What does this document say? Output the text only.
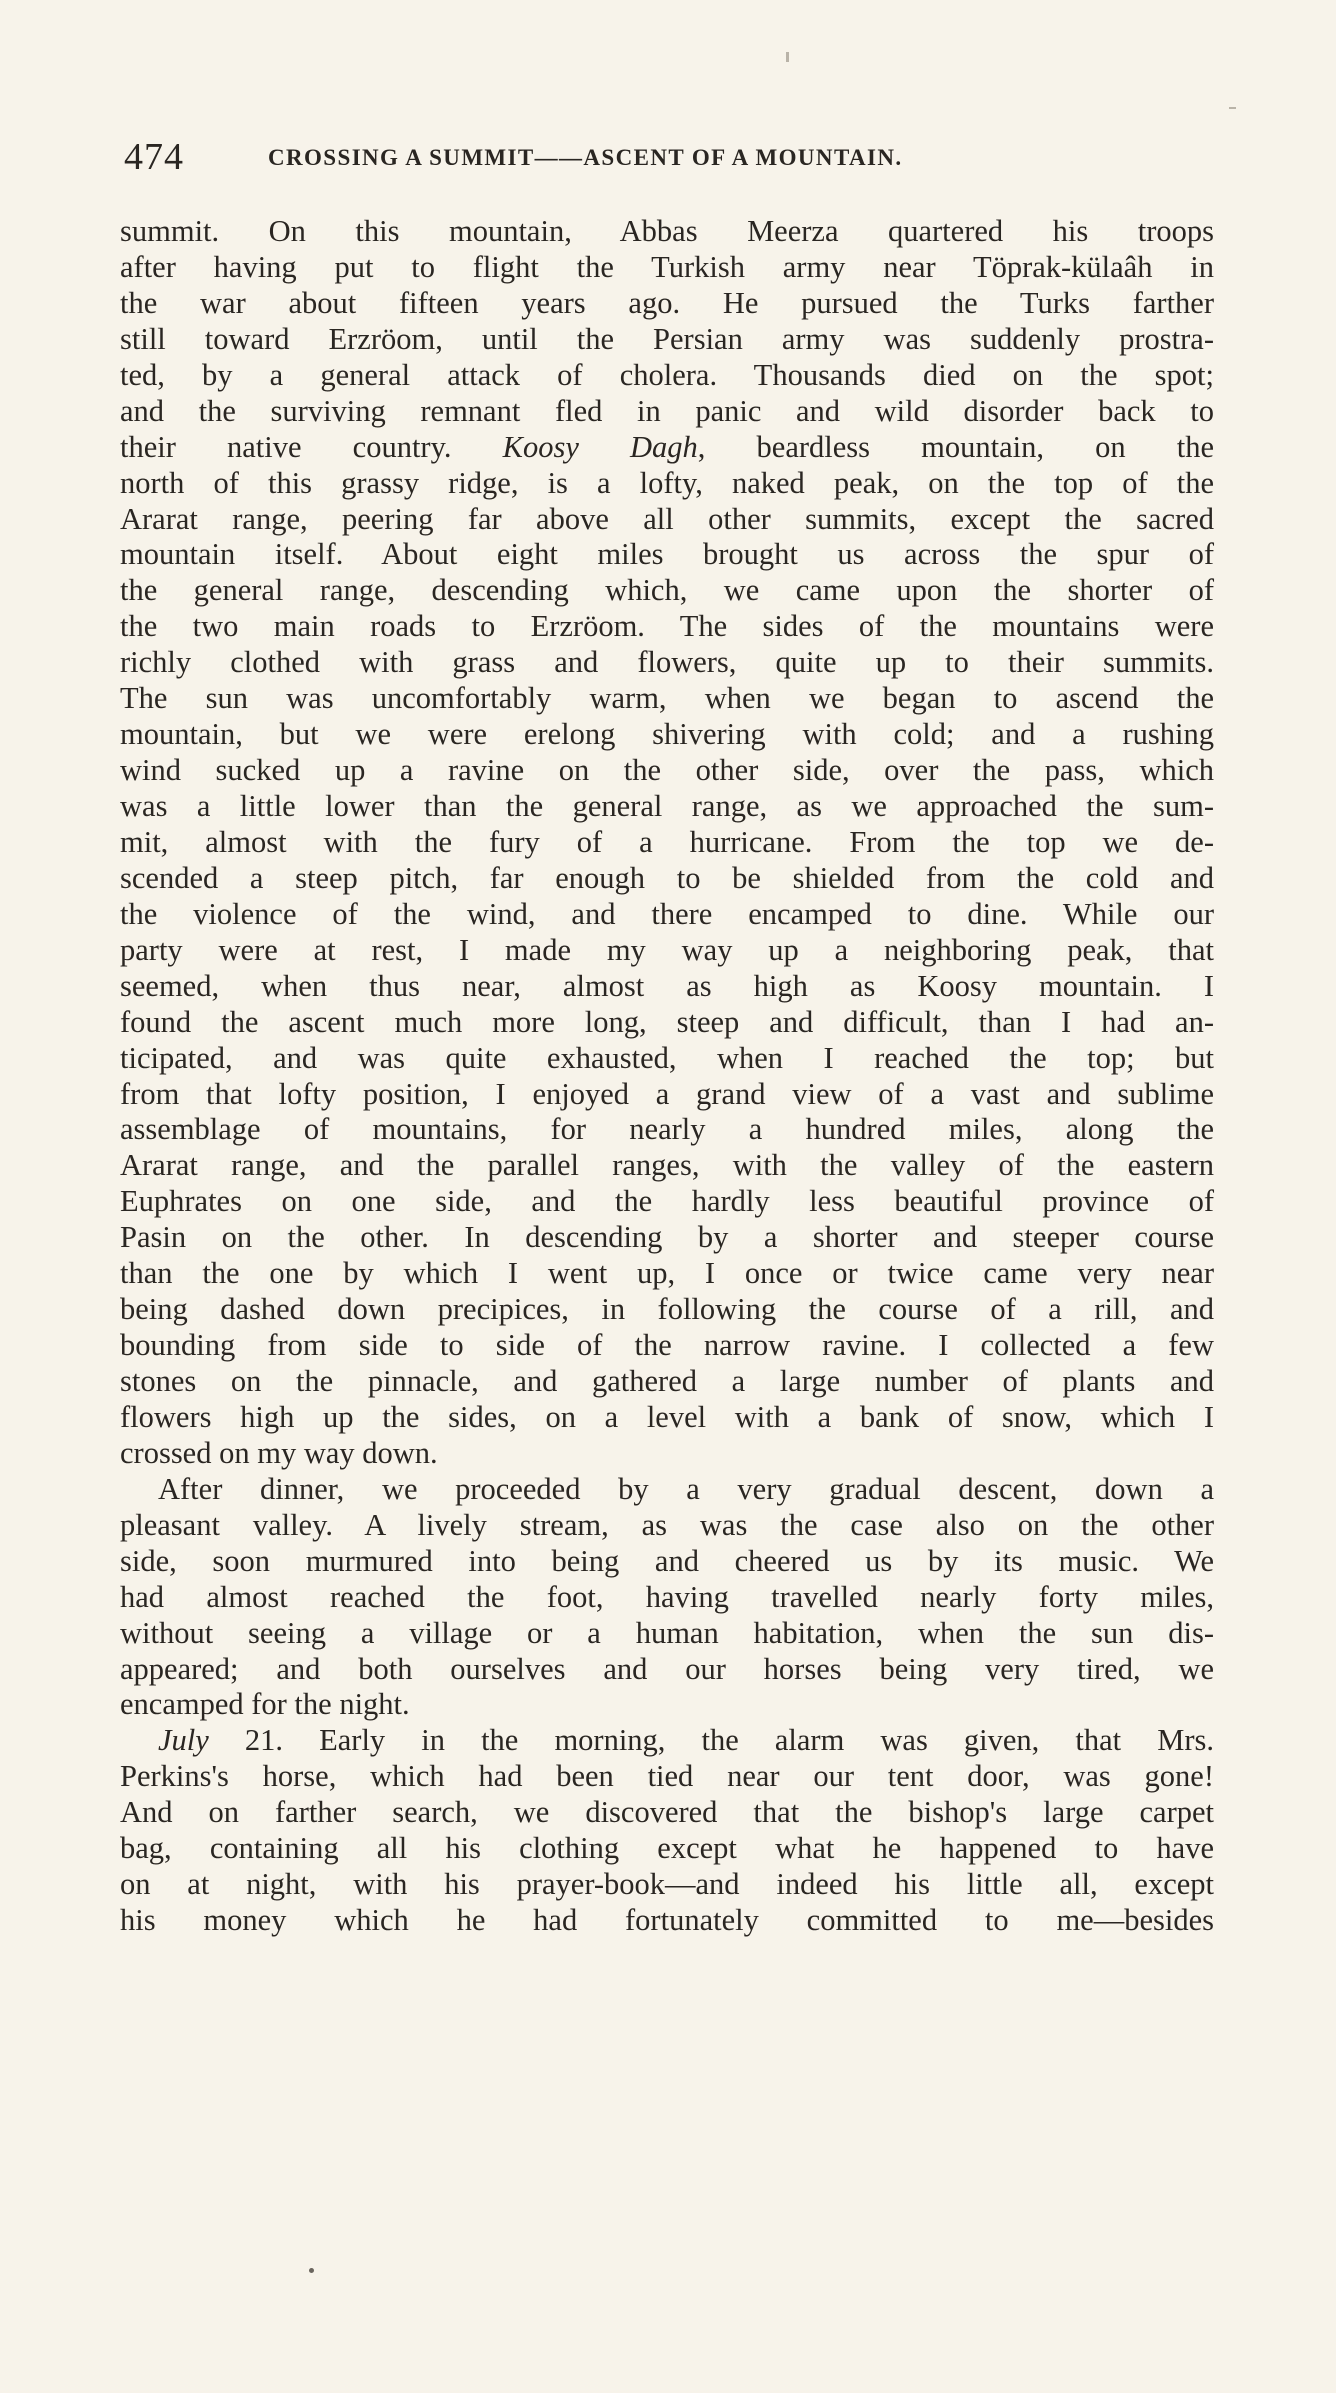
474	CROSSING A SUMMIT——ASCENT OF A MOUNTAIN.
summit. On this mountain, Abbas Meerza quartered his troops
after having put to flight the Turkish army near Töprak-külaâh in
the war about fifteen years ago. He pursued the Turks farther
still toward Erzröom, until the Persian army was suddenly prostra-
ted, by a general attack of cholera. Thousands died on the spot;
and the surviving remnant fled in panic and wild disorder back to
their native country. Koosy Dagh, beardless mountain, on the
north of this grassy ridge, is a lofty, naked peak, on the top of the
Ararat range, peering far above all other summits, except the sacred
mountain itself. About eight miles brought us across the spur of
the general range, descending which, we came upon the shorter of
the two main roads to Erzröom. The sides of the mountains were
richly clothed with grass and flowers, quite up to their summits.
The sun was uncomfortably warm, when we began to ascend the
mountain, but we were erelong shivering with cold; and a rushing
wind sucked up a ravine on the other side, over the pass, which
was a little lower than the general range, as we approached the sum-
mit, almost with the fury of a hurricane. From the top we de-
scended a steep pitch, far enough to be shielded from the cold and
the violence of the wind, and there encamped to dine. While our
party were at rest, I made my way up a neighboring peak, that
seemed, when thus near, almost as high as Koosy mountain. I
found the ascent much more long, steep and difficult, than I had an-
ticipated, and was quite exhausted, when I reached the top; but
from that lofty position, I enjoyed a grand view of a vast and sublime
assemblage of mountains, for nearly a hundred miles, along the
Ararat range, and the parallel ranges, with the valley of the eastern
Euphrates on one side, and the hardly less beautiful province of
Pasin on the other. In descending by a shorter and steeper course
than the one by which I went up, I once or twice came very near
being dashed down precipices, in following the course of a rill, and
bounding from side to side of the narrow ravine. I collected a few
stones on the pinnacle, and gathered a large number of plants and
flowers high up the sides, on a level with a bank of snow, which I
crossed on my way down.
After dinner, we proceeded by a very gradual descent, down a
pleasant valley. A lively stream, as was the case also on the other
side, soon murmured into being and cheered us by its music. We
had almost reached the foot, having travelled nearly forty miles,
without seeing a village or a human habitation, when the sun dis-
appeared; and both ourselves and our horses being very tired, we
encamped for the night.
July 21. Early in the morning, the alarm was given, that Mrs.
Perkins's horse, which had been tied near our tent door, was gone!
And on farther search, we discovered that the bishop's large carpet
bag, containing all his clothing except what he happened to have
on at night, with his prayer-book—and indeed his little all, except
his money which he had fortunately committed to me—besides
